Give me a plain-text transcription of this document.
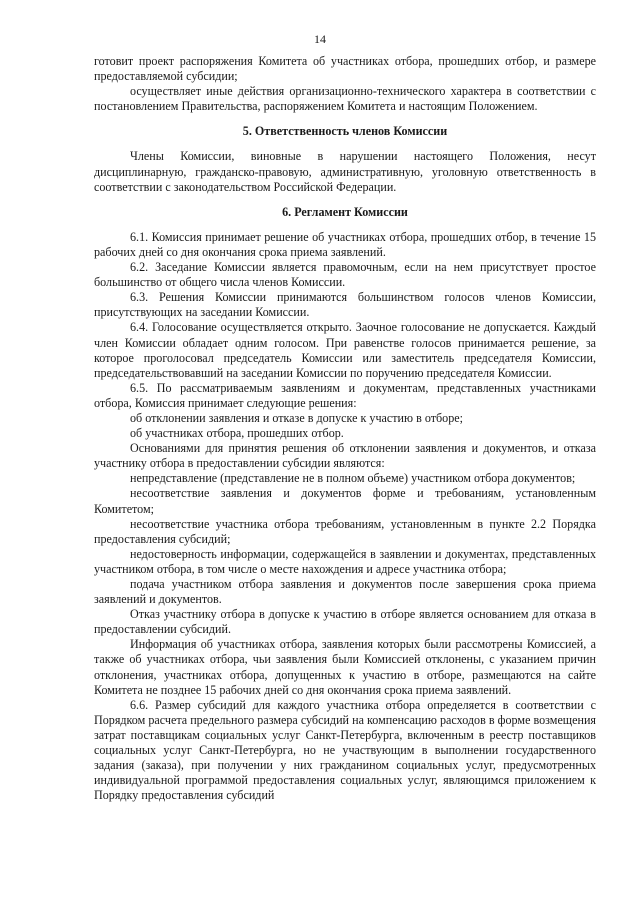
14

готовит проект распоряжения Комитета об участниках отбора, прошедших отбор, и размере предоставляемой субсидии;

осуществляет иные действия организационно-технического характера в соответствии с постановлением Правительства, распоряжением Комитета и настоящим Положением.

5. Ответственность членов Комиссии

Члены Комиссии, виновные в нарушении настоящего Положения, несут дисциплинарную, гражданско-правовую, административную, уголовную ответственность в соответствии с законодательством Российской Федерации.

6. Регламент Комиссии

6.1. Комиссия принимает решение об участниках отбора, прошедших отбор, в течение 15 рабочих дней со дня окончания срока приема заявлений.

6.2. Заседание Комиссии является правомочным, если на нем присутствует простое большинство от общего числа членов Комиссии.

6.3. Решения Комиссии принимаются большинством голосов членов Комиссии, присутствующих на заседании Комиссии.

6.4. Голосование осуществляется открыто. Заочное голосование не допускается. Каждый член Комиссии обладает одним голосом. При равенстве голосов принимается решение, за которое проголосовал председатель Комиссии или заместитель председателя Комиссии, председательствовавший на заседании Комиссии по поручению председателя Комиссии.

6.5. По рассматриваемым заявлениям и документам, представленных участниками отбора, Комиссия принимает следующие решения:

об отклонении заявления и отказе в допуске к участию в отборе;

об участниках отбора, прошедших отбор.

Основаниями для принятия решения об отклонении заявления и документов, и отказа участнику отбора в предоставлении субсидии являются:

непредставление (представление не в полном объеме) участником отбора документов;

несоответствие заявления и документов форме и требованиям, установленным Комитетом;

несоответствие участника отбора требованиям, установленным в пункте 2.2 Порядка предоставления субсидий;

недостоверность информации, содержащейся в заявлении и документах, представленных участником отбора, в том числе о месте нахождения и адресе участника отбора;

подача участником отбора заявления и документов после завершения срока приема заявлений и документов.

Отказ участнику отбора в допуске к участию в отборе является основанием для отказа в предоставлении субсидий.

Информация об участниках отбора, заявления которых были рассмотрены Комиссией, а также об участниках отбора, чьи заявления были Комиссией отклонены, с указанием причин отклонения, участниках отбора, допущенных к участию в отборе, размещаются на сайте Комитета не позднее 15 рабочих дней со дня окончания срока приема заявлений.

6.6. Размер субсидий для каждого участника отбора определяется в соответствии с Порядком расчета предельного размера субсидий на компенсацию расходов в форме возмещения затрат поставщикам социальных услуг Санкт-Петербурга, включенным в реестр поставщиков социальных услуг Санкт-Петербурга, но не участвующим в выполнении государственного задания (заказа), при получении у них гражданином социальных услуг, предусмотренных индивидуальной программой предоставления социальных услуг, являющимся приложением к Порядку предоставления субсидий
